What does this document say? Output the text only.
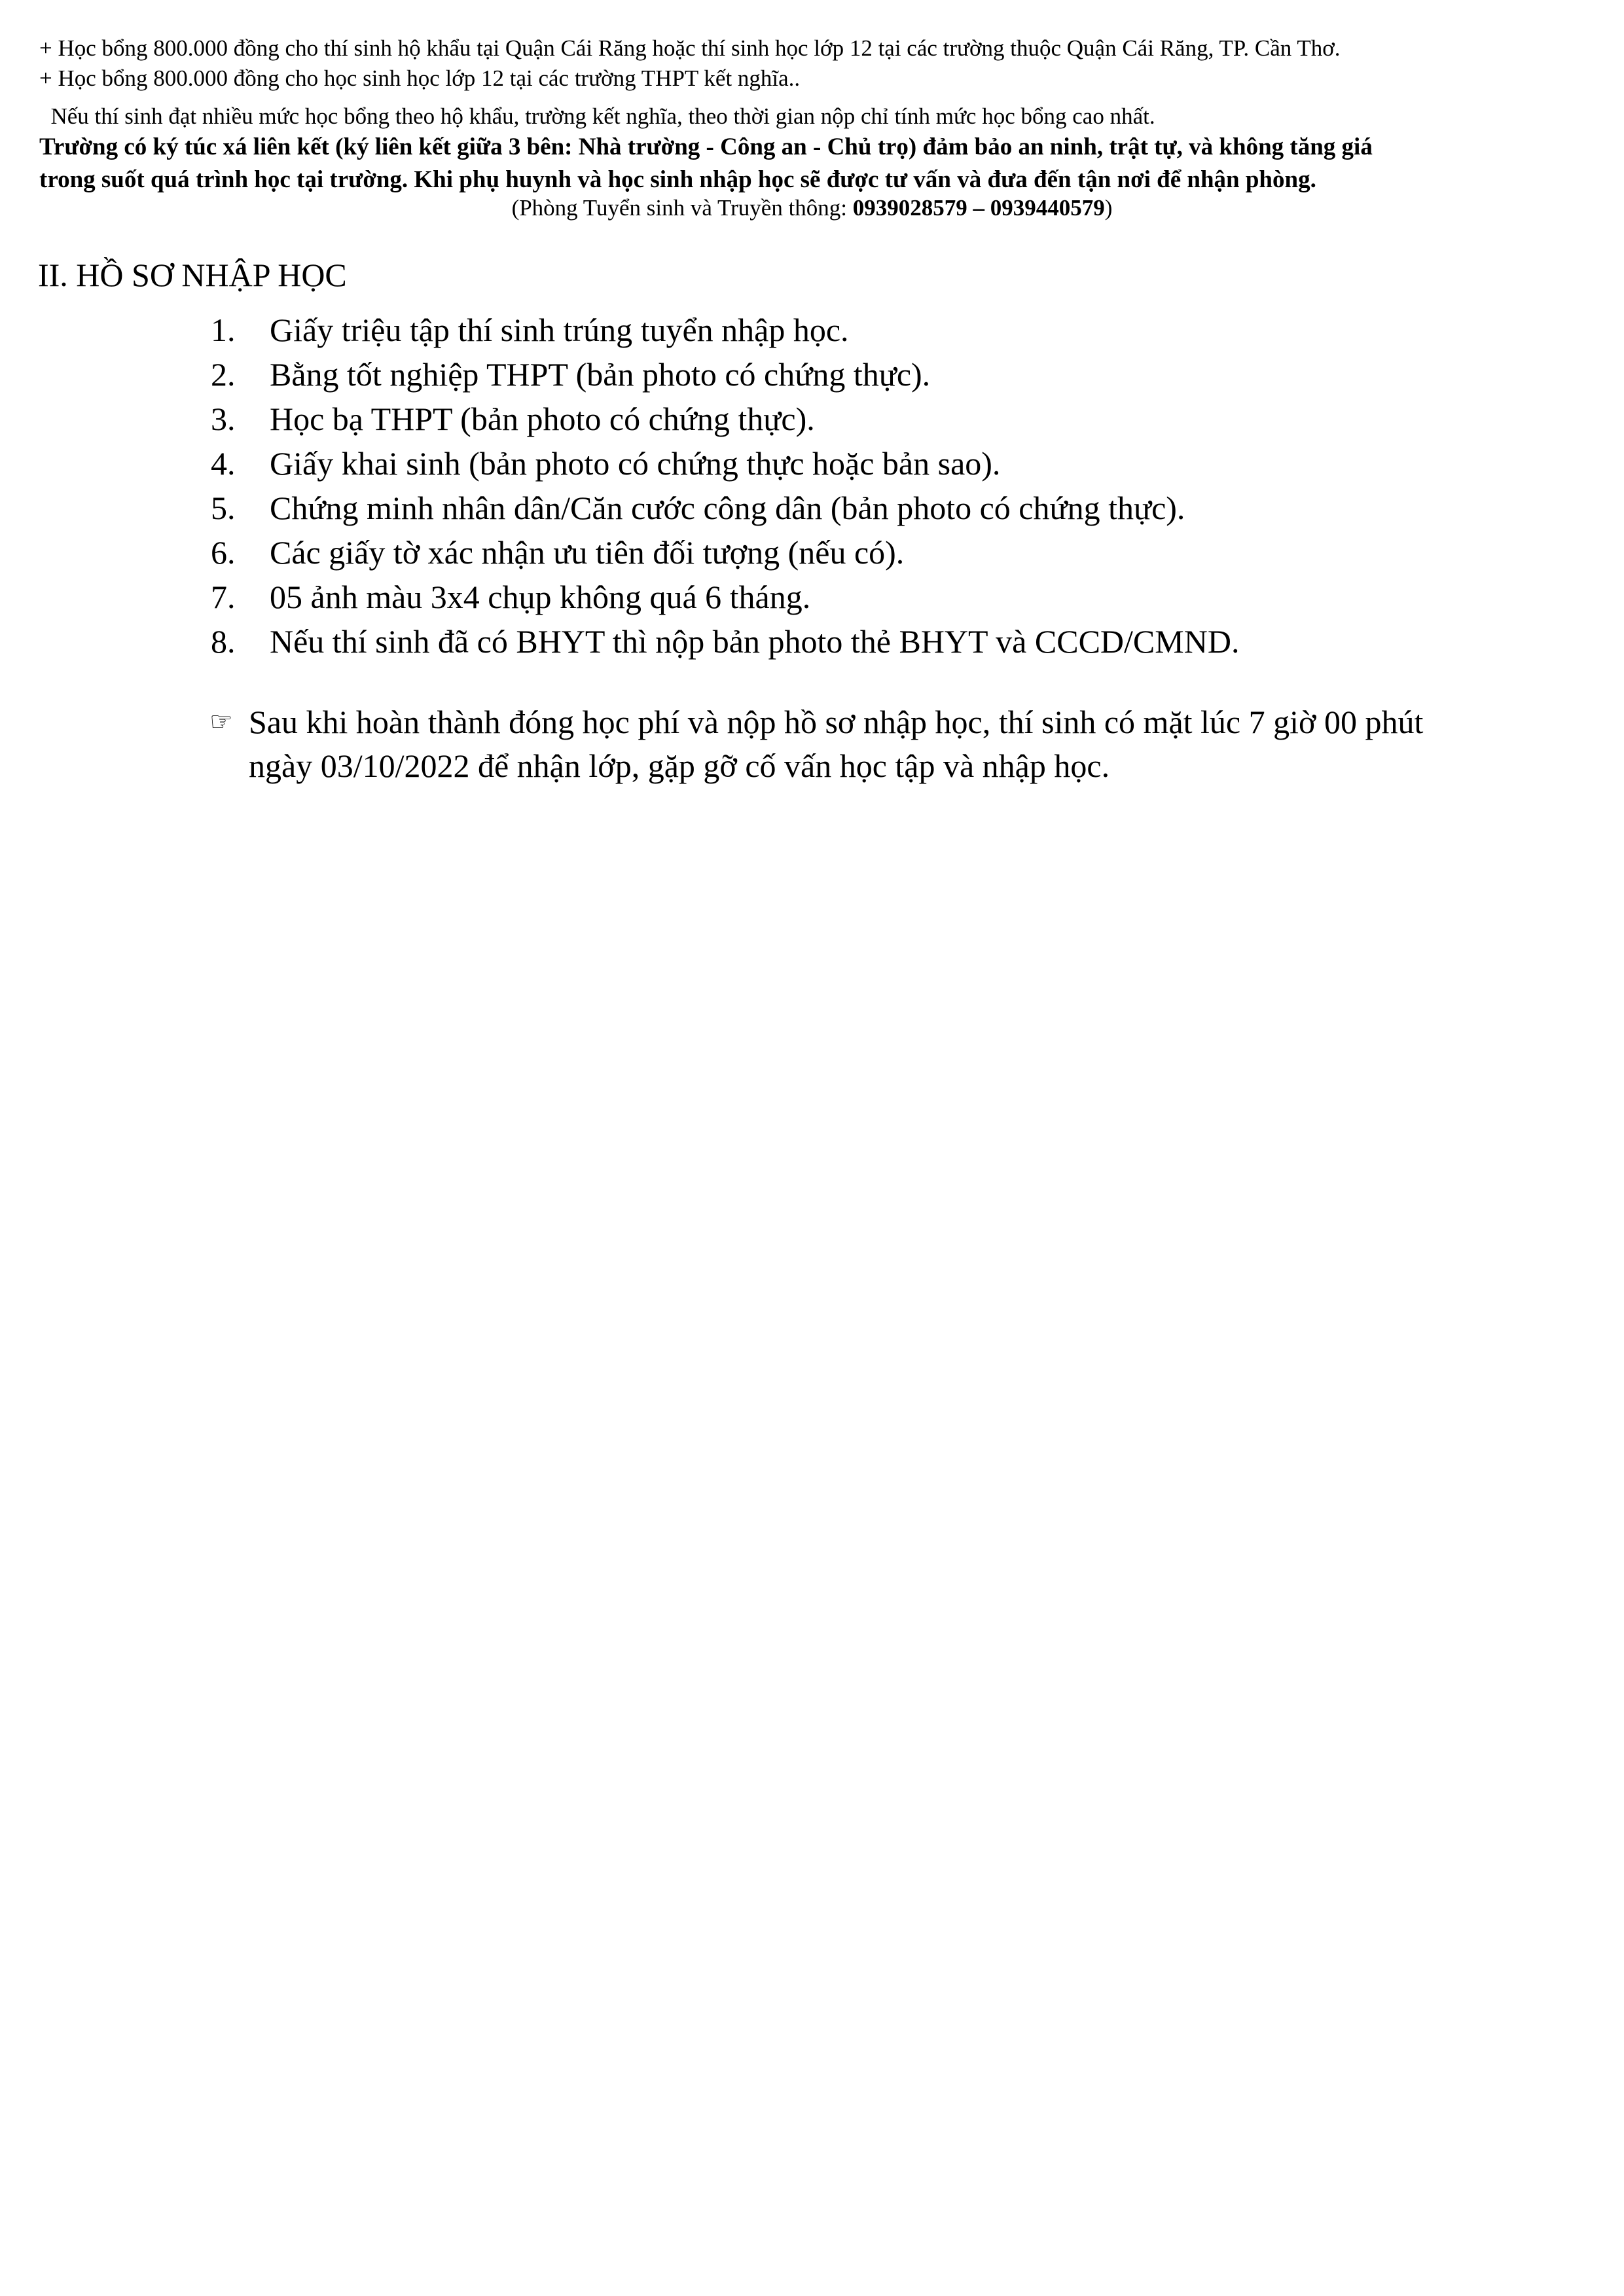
+ Học bổng 800.000 đồng cho thí sinh hộ khẩu tại Quận Cái Răng hoặc thí sinh học lớp 12 tại các trường thuộc Quận Cái Răng, TP. Cần Thơ.
+ Học bổng 800.000 đồng cho học sinh học lớp 12 tại các trường THPT kết nghĩa..
Nếu thí sinh đạt nhiều mức học bổng theo hộ khẩu, trường kết nghĩa, theo thời gian nộp chỉ tính mức học bổng cao nhất.
Trường có ký túc xá liên kết (ký liên kết giữa 3 bên: Nhà trường - Công an - Chủ trọ) đảm bảo an ninh, trật tự, và không tăng giá
trong suốt quá trình học tại trường. Khi phụ huynh và học sinh nhập học sẽ được tư vấn và đưa đến tận nơi để nhận phòng.
(Phòng Tuyển sinh và Truyền thông: 0939028579 – 0939440579)
II. HỒ SƠ NHẬP HỌC
1.	Giấy triệu tập thí sinh trúng tuyển nhập học.
2.	Bằng tốt nghiệp THPT (bản photo có chứng thực).
3.	Học bạ THPT (bản photo có chứng thực).
4.	Giấy khai sinh (bản photo có chứng thực hoặc bản sao).
5.	Chứng minh nhân dân/Căn cước công dân (bản photo có chứng thực).
6.	Các giấy tờ xác nhận ưu tiên đối tượng (nếu có).
7.	05 ảnh màu 3x4 chụp không quá 6 tháng.
8.	Nếu thí sinh đã có BHYT thì nộp bản photo thẻ BHYT và CCCD/CMND.
☞ Sau khi hoàn thành đóng học phí và nộp hồ sơ nhập học, thí sinh có mặt lúc 7 giờ 00 phút
ngày 03/10/2022 để nhận lớp, gặp gỡ cố vấn học tập và nhập học.
